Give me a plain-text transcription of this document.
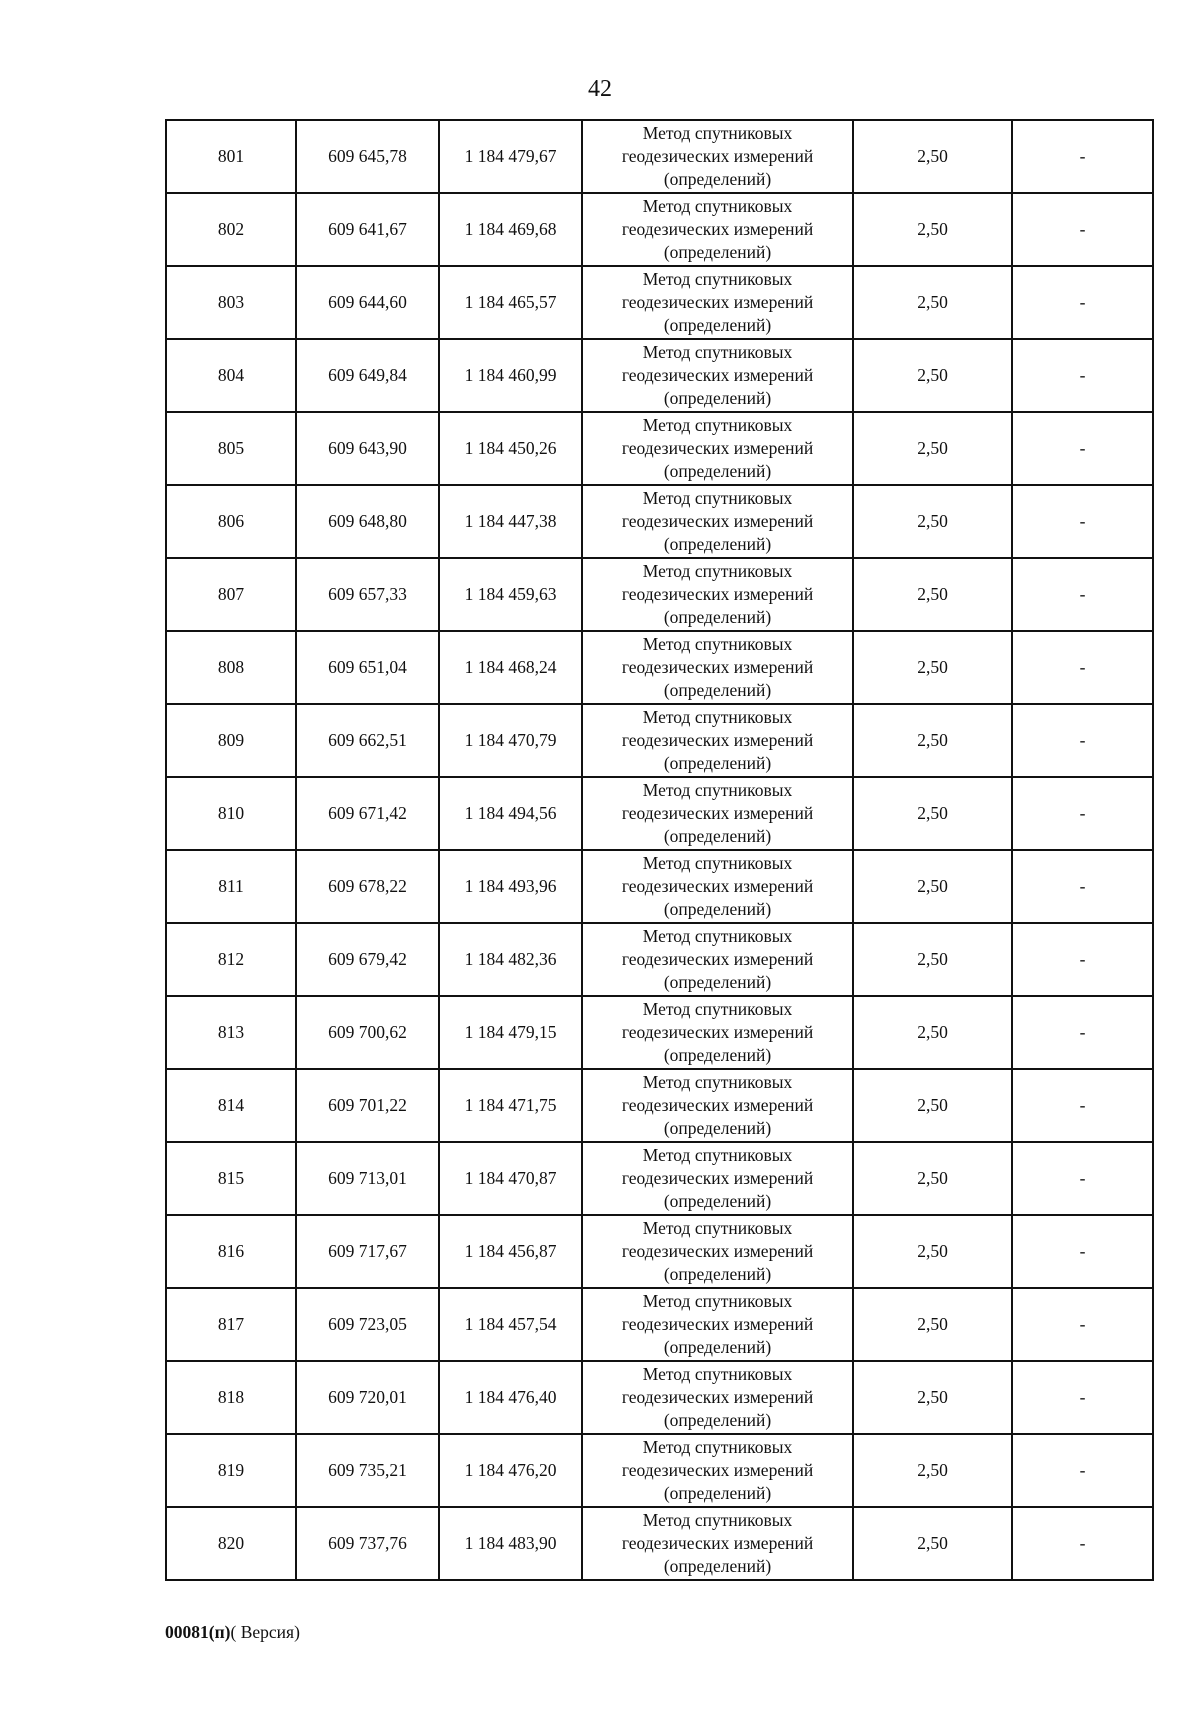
42
801	609 645,78	1 184 479,67	Метод спутниковых
геодезических измерений
(определений)	2,50	-
802	609 641,67	1 184 469,68	Метод спутниковых
геодезических измерений
(определений)	2,50	-
803	609 644,60	1 184 465,57	Метод спутниковых
геодезических измерений
(определений)	2,50	-
804	609 649,84	1 184 460,99	Метод спутниковых
геодезических измерений
(определений)	2,50	-
805	609 643,90	1 184 450,26	Метод спутниковых
геодезических измерений
(определений)	2,50	-
806	609 648,80	1 184 447,38	Метод спутниковых
геодезических измерений
(определений)	2,50	-
807	609 657,33	1 184 459,63	Метод спутниковых
геодезических измерений
(определений)	2,50	-
808	609 651,04	1 184 468,24	Метод спутниковых
геодезических измерений
(определений)	2,50	-
809	609 662,51	1 184 470,79	Метод спутниковых
геодезических измерений
(определений)	2,50	-
810	609 671,42	1 184 494,56	Метод спутниковых
геодезических измерений
(определений)	2,50	-
811	609 678,22	1 184 493,96	Метод спутниковых
геодезических измерений
(определений)	2,50	-
812	609 679,42	1 184 482,36	Метод спутниковых
геодезических измерений
(определений)	2,50	-
813	609 700,62	1 184 479,15	Метод спутниковых
геодезических измерений
(определений)	2,50	-
814	609 701,22	1 184 471,75	Метод спутниковых
геодезических измерений
(определений)	2,50	-
815	609 713,01	1 184 470,87	Метод спутниковых
геодезических измерений
(определений)	2,50	-
816	609 717,67	1 184 456,87	Метод спутниковых
геодезических измерений
(определений)	2,50	-
817	609 723,05	1 184 457,54	Метод спутниковых
геодезических измерений
(определений)	2,50	-
818	609 720,01	1 184 476,40	Метод спутниковых
геодезических измерений
(определений)	2,50	-
819	609 735,21	1 184 476,20	Метод спутниковых
геодезических измерений
(определений)	2,50	-
820	609 737,76	1 184 483,90	Метод спутниковых
геодезических измерений
(определений)	2,50	-
00081(п)( Версия)
